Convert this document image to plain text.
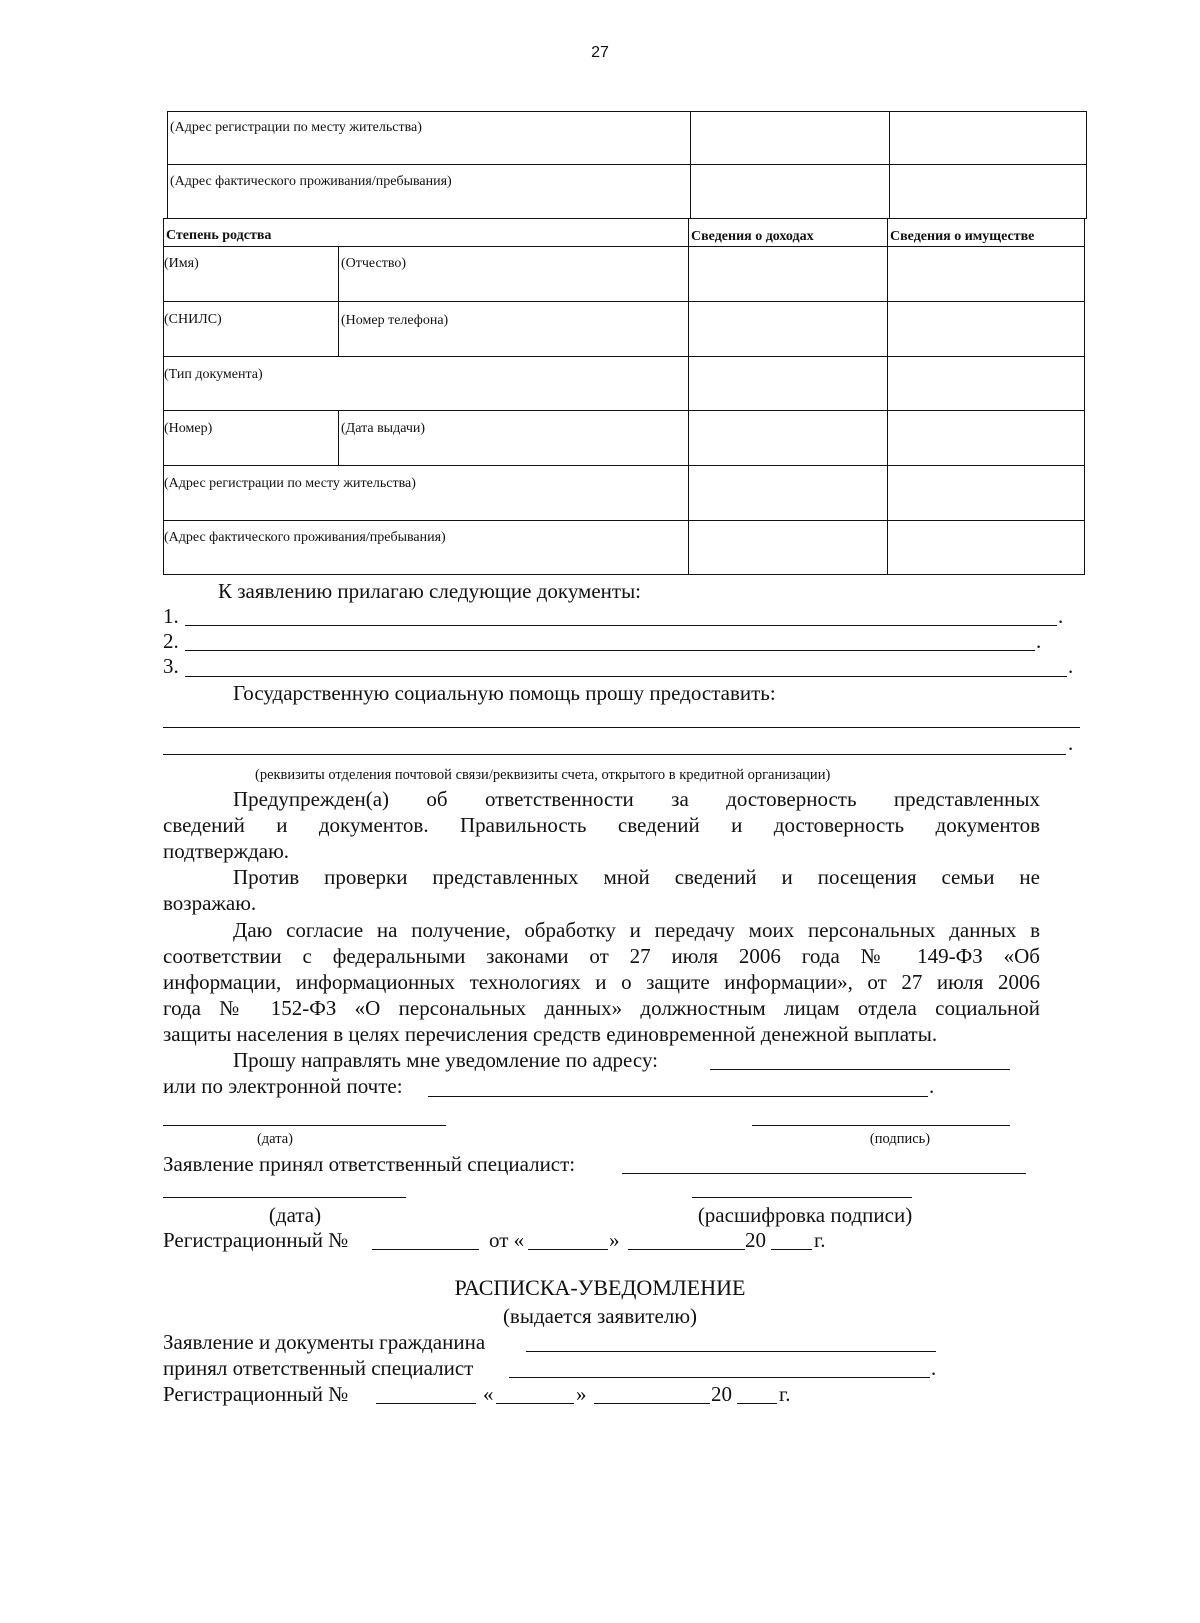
27
(Адрес регистрации по месту жительства)
(Адрес фактического проживания/пребывания)
Степень родства	Сведения о доходах	Сведения о имуществе
(Имя)	(Отчество)
(СНИЛС)	(Номер телефона)
(Тип документа)
(Номер)	(Дата выдачи)
(Адрес регистрации по месту жительства)
(Адрес фактического проживания/пребывания)
К заявлению прилагаю следующие документы:
1.	.
2.	.
3.	.
Государственную социальную помощь прошу предоставить:
.
(реквизиты отделения почтовой связи/реквизиты счета, открытого в кредитной организации)
Предупрежден(а) об ответственности за достоверность представленных
сведений и документов. Правильность сведений и достоверность документов
подтверждаю.
Против проверки представленных мной сведений и посещения семьи не
возражаю.
Даю согласие на получение, обработку и передачу моих персональных данных в
соответствии с федеральными законами от 27 июля 2006 года № 149-ФЗ «Об
информации, информационных технологиях и о защите информации», от 27 июля 2006
года № 152-ФЗ «О персональных данных» должностным лицам отдела социальной
защиты населения в целях перечисления средств единовременной денежной выплаты.
Прошу направлять мне уведомление по адресу:
или по электронной почте:	.
(дата)	(подпись)
Заявление принял ответственный специалист:
(дата)	(расшифровка подписи)
Регистрационный №	от «	»	20 г.
РАСПИСКА-УВЕДОМЛЕНИЕ
(выдается заявителю)
Заявление и документы гражданина
принял ответственный специалист	.
Регистрационный №	«	»	20 г.
